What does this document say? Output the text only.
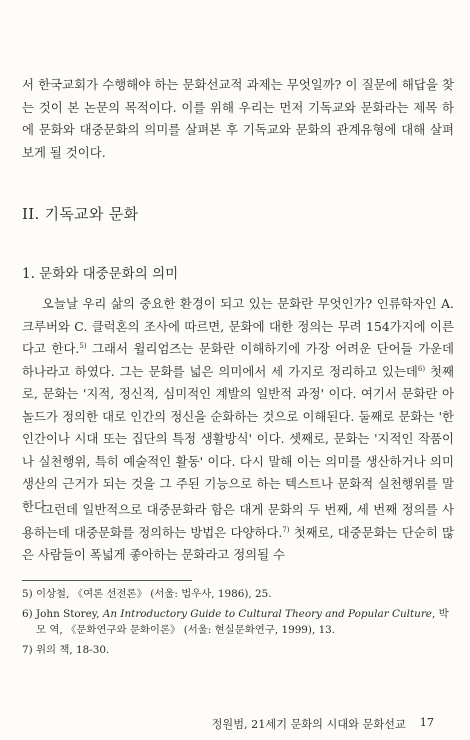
서 한국교회가 수행해야 하는 문화선교적 과제는 무엇일까? 이 질문에 해답을 찾는 것이 본 논문의 목적이다. 이를 위해 우리는 먼저 기독교와 문화라는 제목 하에 문화와 대중문화의 의미를 살펴본 후 기독교와 문화의 관계유형에 대해 살펴보게 될 것이다.

II. 기독교와 문화
1. 문화와 대중문화의 의미

오늘날 우리 삶의 중요한 환경이 되고 있는 문화란 무엇인가? 인류학자인 A. 크루버와 C. 클럭혼의 조사에 따르면, 문화에 대한 정의는 무려 154가지에 이른다고 한다.$^{5)}$ 그래서 윌리엄즈는 문화란 이해하기에 가장 어려운 단어들 가운데 하나라고 하였다. 그는 문화를 넓은 의미에서 세 가지로 정리하고 있는데$^{6)}$ 첫째로, 문화는 '지적, 정신적, 심미적인 계발의 일반적 과정' 이다. 여기서 문화란 아놀드가 정의한 대로 인간의 정신을 순화하는 것으로 이해된다. 둘째로 문화는 '한 인간이나 시대 또는 집단의 특정 생활방식' 이다. 셋째로, 문화는 '지적인 작품이나 실천행위, 특히 예술적인 활동' 이다. 다시 말해 이는 의미를 생산하거나 의미생산의 근거가 되는 것을 그 주된 기능으로 하는 텍스트나 문화적 실천행위를 말한다.

그런데 일반적으로 대중문화라 함은 대게 문화의 두 번째, 세 번째 정의를 사용하는데 대중문화를 정의하는 방법은 다양하다.$^{7)}$ 첫째로, 대중문화는 단순히 많은 사람들이 폭넓게 좋아하는 문화라고 정의될 수

5) 이상철, 《여론 선전론》 (서울: 법우사, 1986), 25.

6) John Storey, An Introductory Guide to Cultural Theory and Popular Culture, 박모 역, 《문화연구와 문화이론》 (서울: 현실문화연구, 1999), 13.

7) 위의 책, 18-30.

정원범, 21세기 문화의 시대와 문화선교 17
